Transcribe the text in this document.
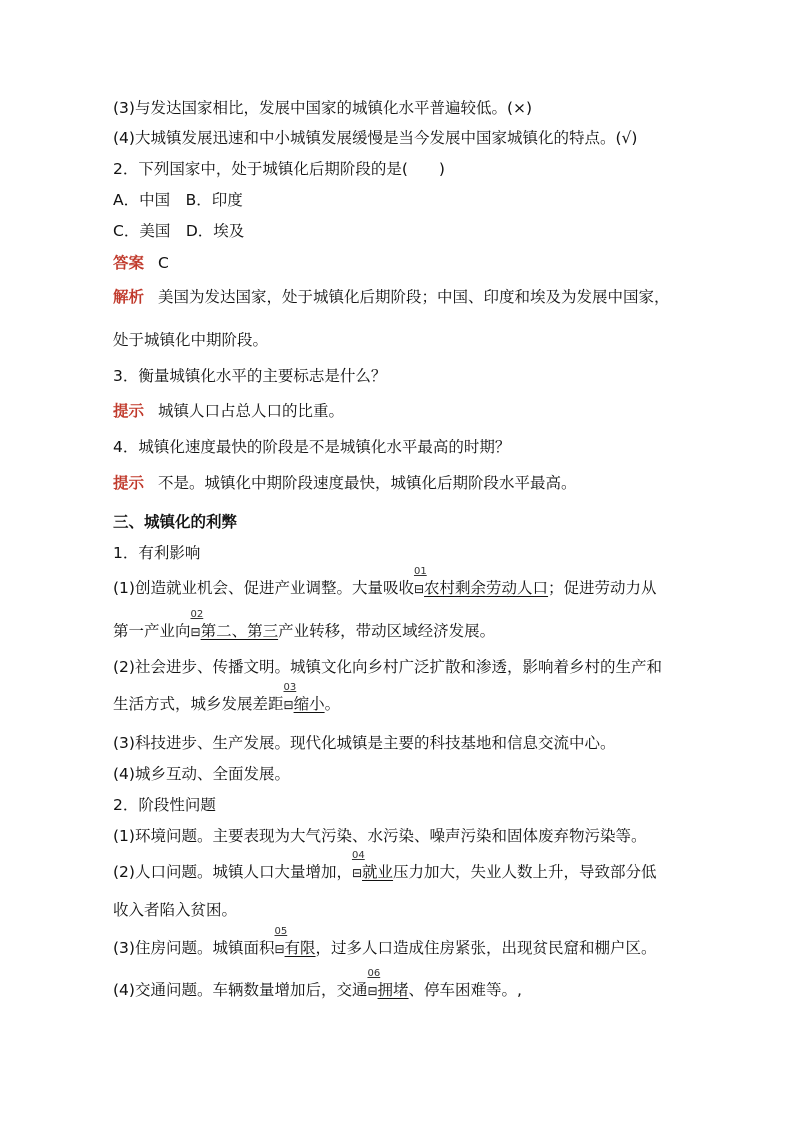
(3)与发达国家相比，发展中国家的城镇化水平普遍较低。(×)
(4)大城镇发展迅速和中小城镇发展缓慢是当今发展中国家城镇化的特点。(√)
2．下列国家中，处于城镇化后期阶段的是(　　)
A．中国　B．印度
C．美国　D．埃及
答案 C
解析 美国为发达国家，处于城镇化后期阶段；中国、印度和埃及为发展中国家，
处于城镇化中期阶段。
3．衡量城镇化水平的主要标志是什么？
提示 城镇人口占总人口的比重。
4．城镇化速度最快的阶段是不是城镇化水平最高的时期？
提示 不是。城镇化中期阶段速度最快，城镇化后期阶段水平最高。
三、城镇化的利弊
1．有利影响
(1)创造就业机会、促进产业调整。大量吸收
01
⊟农村剩余劳动人口；促进劳动力从
第一产业向
02
⊟第二、第三产业转移，带动区域经济发展。
(2)社会进步、传播文明。城镇文化向乡村广泛扩散和渗透，影响着乡村的生产和
生活方式，城乡发展差距
03
⊟缩小。
(3)科技进步、生产发展。现代化城镇是主要的科技基地和信息交流中心。
(4)城乡互动、全面发展。
2．阶段性问题
(1)环境问题。主要表现为大气污染、水污染、噪声污染和固体废弃物污染等。
(2)人口问题。城镇人口大量增加，
04
⊟就业压力加大，失业人数上升，导致部分低
收入者陷入贫困。
(3)住房问题。城镇面积
05
⊟有限，过多人口造成住房紧张，出现贫民窟和棚户区。
(4)交通问题。车辆数量增加后，交通
06
⊟拥堵、停车困难等。,
